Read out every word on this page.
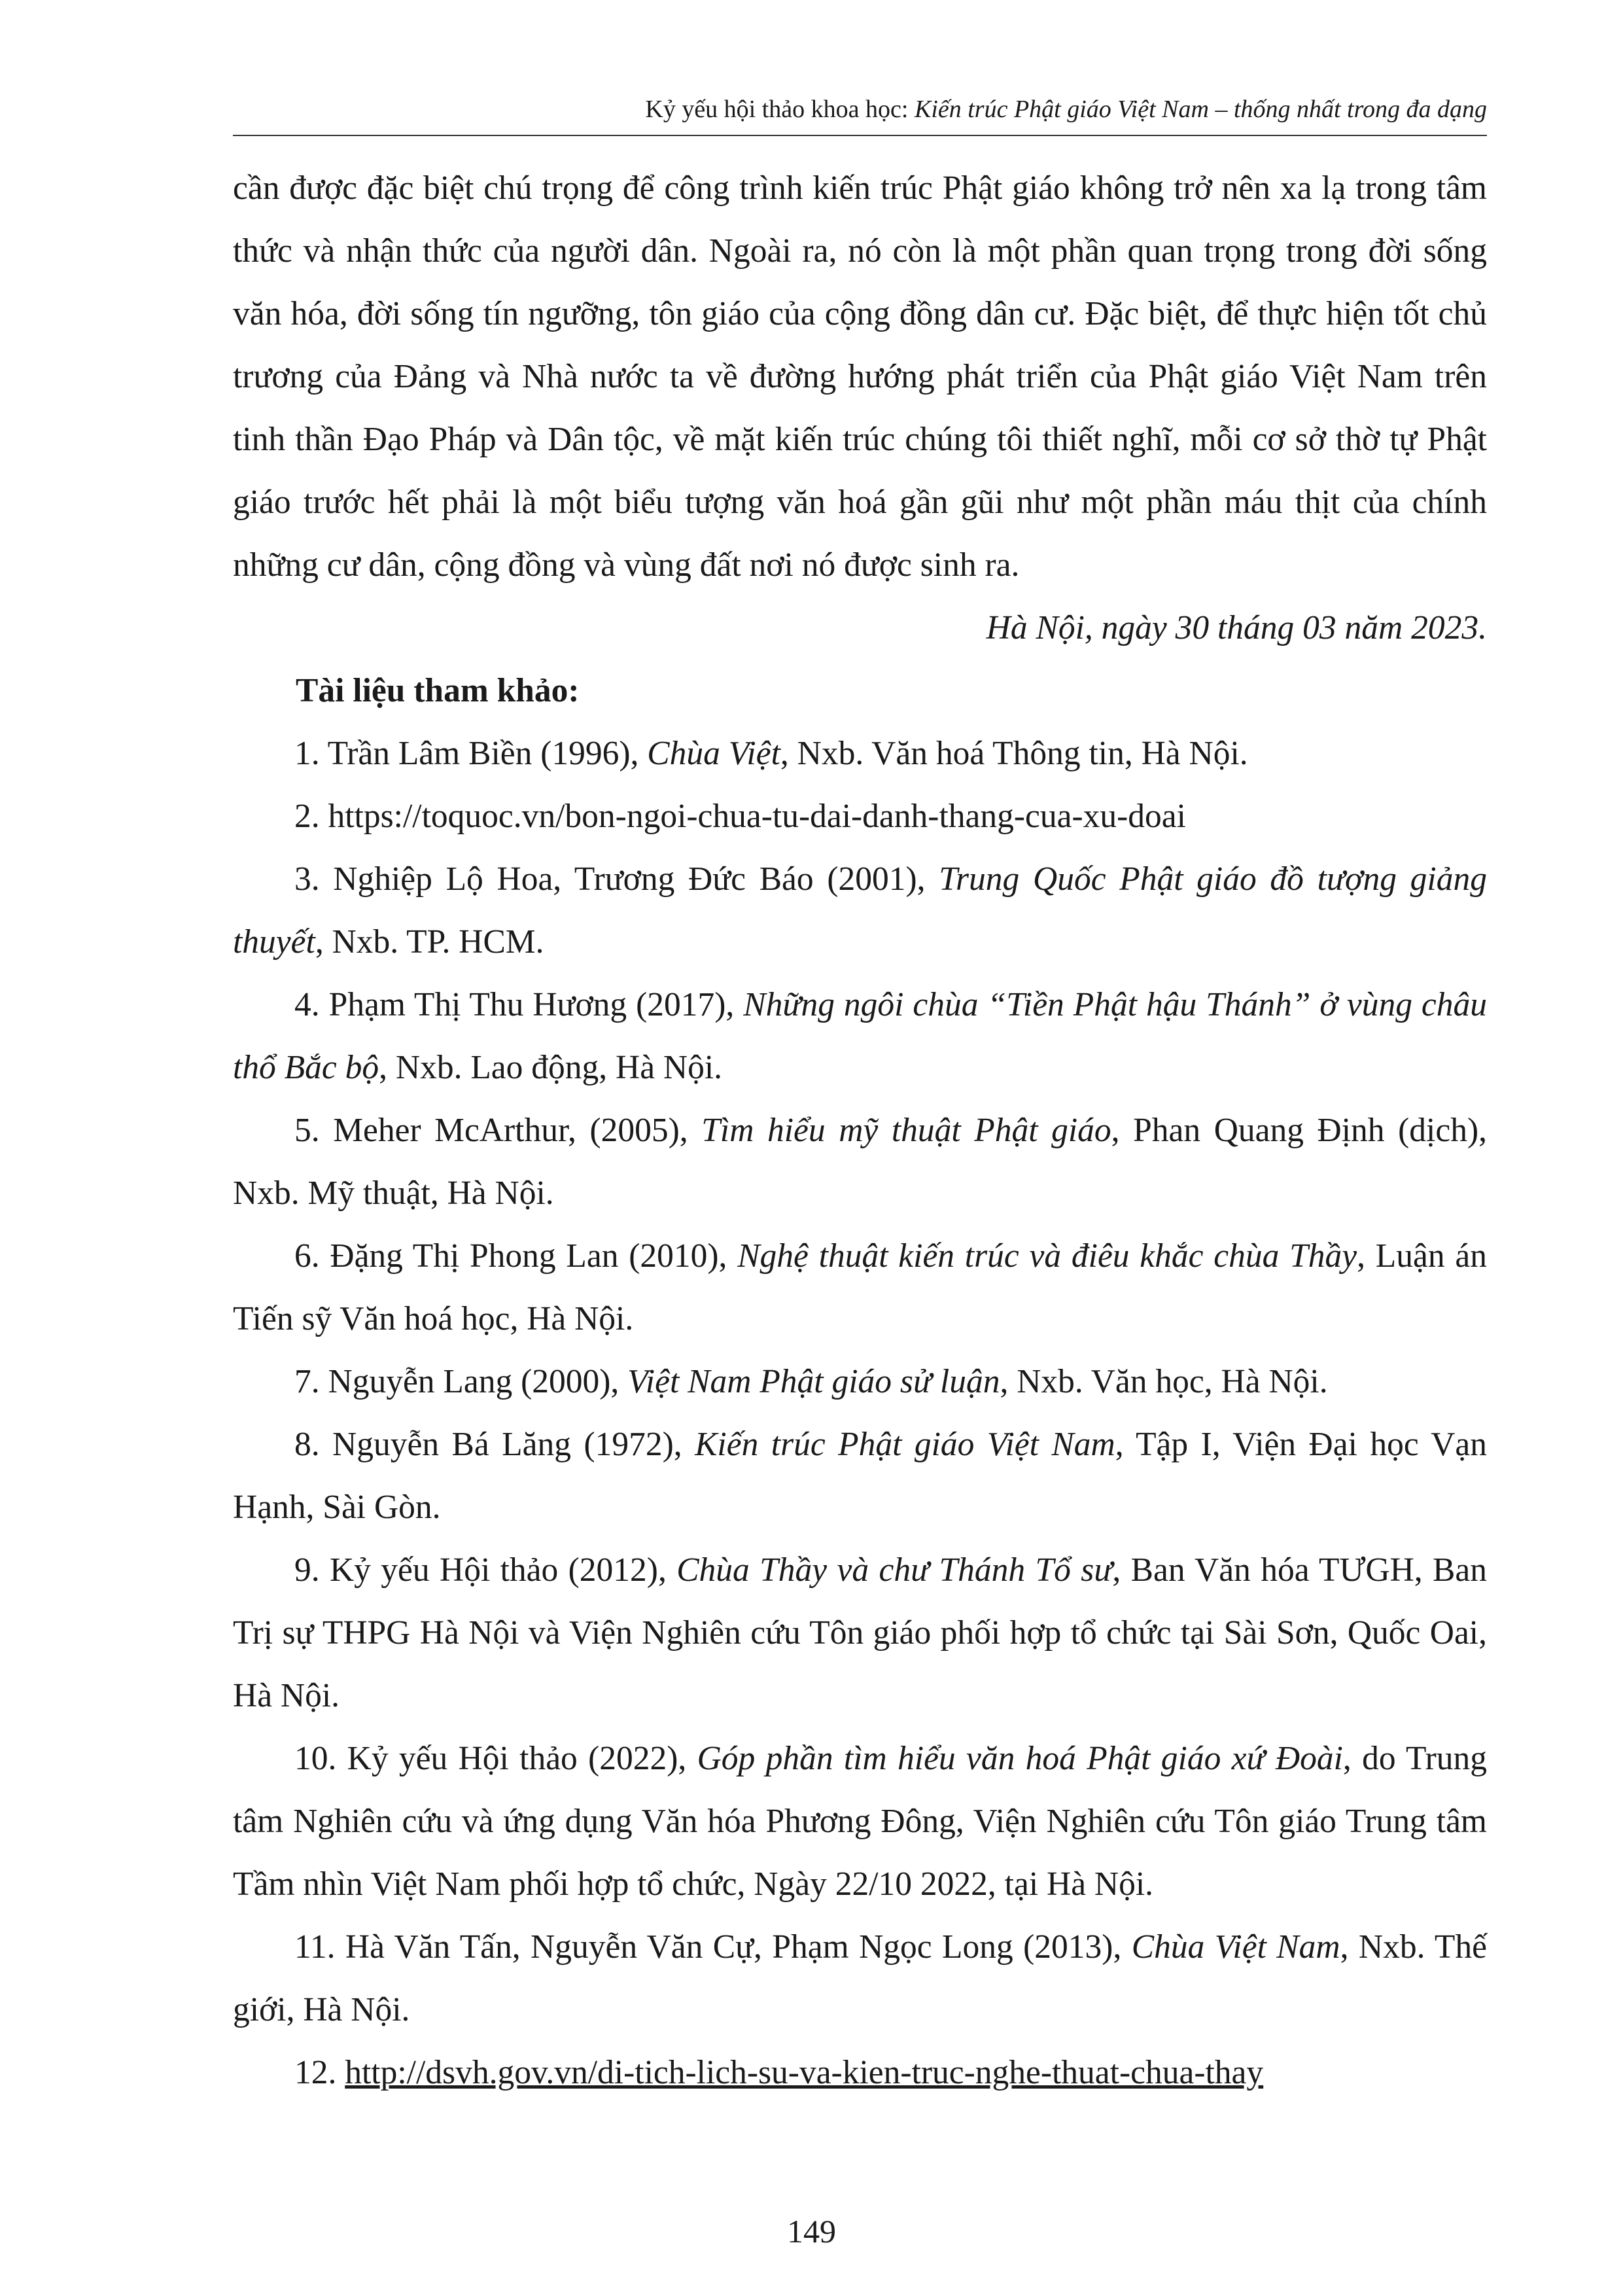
Kỷ yếu hội thảo khoa học: Kiến trúc Phật giáo Việt Nam – thống nhất trong đa dạng

cần được đặc biệt chú trọng để công trình kiến trúc Phật giáo không trở nên xa lạ trong tâm thức và nhận thức của người dân. Ngoài ra, nó còn là một phần quan trọng trong đời sống văn hóa, đời sống tín ngưỡng, tôn giáo của cộng đồng dân cư. Đặc biệt, để thực hiện tốt chủ trương của Đảng và Nhà nước ta về đường hướng phát triển của Phật giáo Việt Nam trên tinh thần Đạo Pháp và Dân tộc, về mặt kiến trúc chúng tôi thiết nghĩ, mỗi cơ sở thờ tự Phật giáo trước hết phải là một biểu tượng văn hoá gần gũi như một phần máu thịt của chính những cư dân, cộng đồng và vùng đất nơi nó được sinh ra.

Hà Nội, ngày 30 tháng 03 năm 2023.

Tài liệu tham khảo:

1. Trần Lâm Biền (1996), Chùa Việt, Nxb. Văn hoá Thông tin, Hà Nội.

2. https://toquoc.vn/bon-ngoi-chua-tu-dai-danh-thang-cua-xu-doai

3. Nghiệp Lộ Hoa, Trương Đức Báo (2001), Trung Quốc Phật giáo đồ tượng giảng thuyết, Nxb. TP. HCM.

4. Phạm Thị Thu Hương (2017), Những ngôi chùa “Tiền Phật hậu Thánh” ở vùng châu thổ Bắc bộ, Nxb. Lao động, Hà Nội.

5. Meher McArthur, (2005), Tìm hiểu mỹ thuật Phật giáo, Phan Quang Định (dịch), Nxb. Mỹ thuật, Hà Nội.

6. Đặng Thị Phong Lan (2010), Nghệ thuật kiến trúc và điêu khắc chùa Thầy, Luận án Tiến sỹ Văn hoá học, Hà Nội.

7. Nguyễn Lang (2000), Việt Nam Phật giáo sử luận, Nxb. Văn học, Hà Nội.

8. Nguyễn Bá Lăng (1972), Kiến trúc Phật giáo Việt Nam, Tập I, Viện Đại học Vạn Hạnh, Sài Gòn.

9. Kỷ yếu Hội thảo (2012), Chùa Thầy và chư Thánh Tổ sư, Ban Văn hóa TƯGH, Ban Trị sự THPG Hà Nội và Viện Nghiên cứu Tôn giáo phối hợp tổ chức tại Sài Sơn, Quốc Oai, Hà Nội.

10. Kỷ yếu Hội thảo (2022), Góp phần tìm hiểu văn hoá Phật giáo xứ Đoài, do Trung tâm Nghiên cứu và ứng dụng Văn hóa Phương Đông, Viện Nghiên cứu Tôn giáo Trung tâm Tầm nhìn Việt Nam phối hợp tổ chức, Ngày 22/10 2022, tại Hà Nội.

11. Hà Văn Tấn, Nguyễn Văn Cự, Phạm Ngọc Long (2013), Chùa Việt Nam, Nxb. Thế giới, Hà Nội.

12. http://dsvh.gov.vn/di-tich-lich-su-va-kien-truc-nghe-thuat-chua-thay

149
